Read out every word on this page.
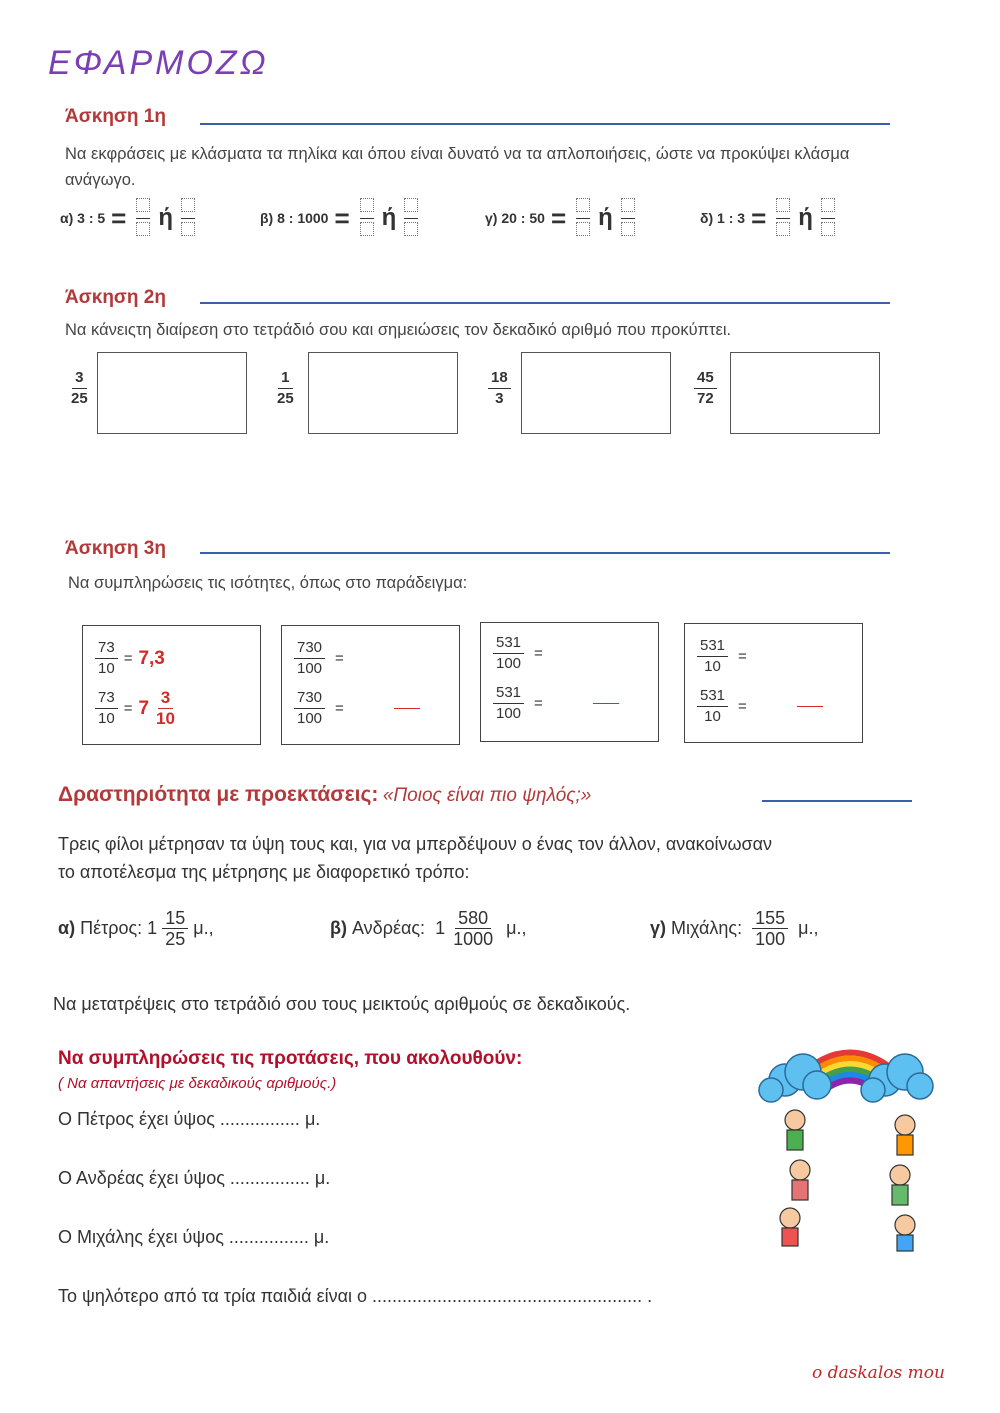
ΕΦΑΡΜΟΖΩ
Άσκηση 1η
Να εκφράσεις με κλάσματα τα πηλίκα και όπου είναι δυνατό να τα απλοποιήσεις, ώστε να προκύψει κλάσμα ανάγωγο.
α) 3 : 5 = ή	β) 8 : 1000 = ή	γ) 20 : 50 = ή	δ) 1 : 3 = ή
Άσκηση 2η
Να κάνειςτη διαίρεση στο τετράδιό σου και σημειώσεις τον δεκαδικό αριθμό που προκύπτει.
$\frac{3}{25}$	$\frac{1}{25}$	$\frac{18}{3}$	$\frac{45}{72}$
Άσκηση 3η
Να συμπληρώσεις τις ισότητες, όπως στο παράδειγμα:
$\frac{73}{10} = 7,3$
$\frac{73}{10} = 7 \frac{3}{10}$
$\frac{730}{100}$ =
$\frac{730}{100}$ =
$\frac{531}{100}$ =
$\frac{531}{100}$ =
$\frac{531}{10}$ =
$\frac{531}{10}$ =
Δραστηριότητα με προεκτάσεις: «Ποιος είναι πιο ψηλός;»
Τρεις φίλοι μέτρησαν τα ύψη τους και, για να μπερδέψουν ο ένας τον άλλον, ανακοίνωσαν
το αποτέλεσμα της μέτρησης με διαφορετικό τρόπο:
α)
Πέτρος:
1
$\frac{15}{25}$
μ.,	β)
Ανδρέας:
1
$\frac{580}{1000}$
μ.,	γ)
Μιχάλης:
$\frac{155}{100}$
μ.,
Να μετατρέψεις στο τετράδιό σου τους μεικτούς αριθμούς σε δεκαδικούς.
Να συμπληρώσεις τις προτάσεις, που ακολουθούν:
( Να απαντήσεις με δεκαδικούς αριθμούς.)
Ο Πέτρος έχει ύψος ................ μ.
Ο Ανδρέας έχει ύψος ................ μ.
Ο Μιχάλης έχει ύψος ................ μ.
Το ψηλότερο από τα τρία παιδιά είναι ο ...................................................... .
o daskalos mou
